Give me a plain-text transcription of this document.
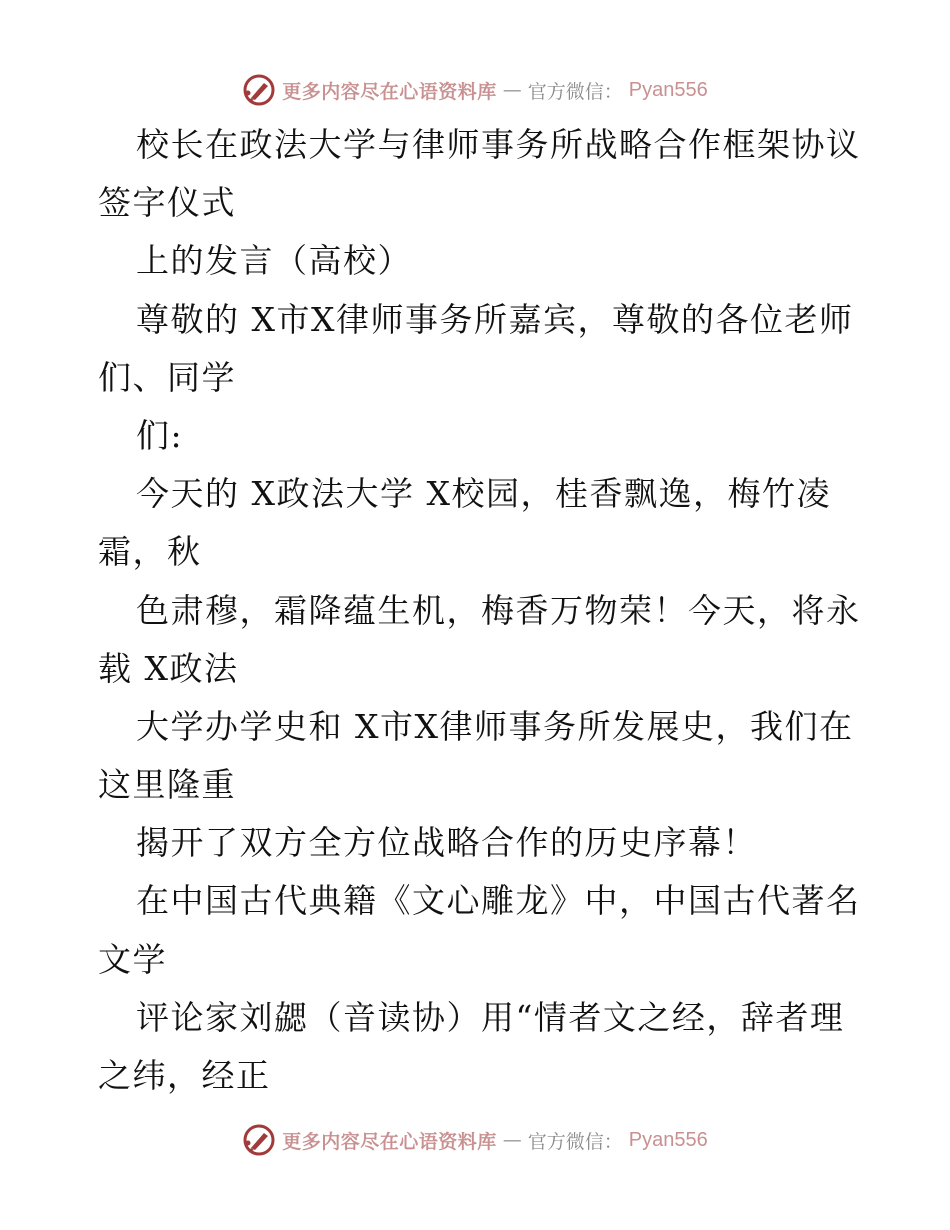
更多内容尽在心语资料库 — 官方微信： Pyan556
校长在政法大学与律师事务所战略合作框架协议
签字仪式
上的发言（高校）
尊敬的 X市X律师事务所嘉宾，尊敬的各位老师
们、同学
们:
今天的 X政法大学 X校园，桂香飘逸，梅竹凌
霜，秋
色肃穆，霜降蕴生机，梅香万物荣！今天，将永
载 X政法
大学办学史和 X市X律师事务所发展史，我们在
这里隆重
揭开了双方全方位战略合作的历史序幕！
在中国古代典籍《文心雕龙》中，中国古代著名
文学
评论家刘勰（音读协）用“情者文之经，辞者理
之纬，经正
更多内容尽在心语资料库 — 官方微信： Pyan556
